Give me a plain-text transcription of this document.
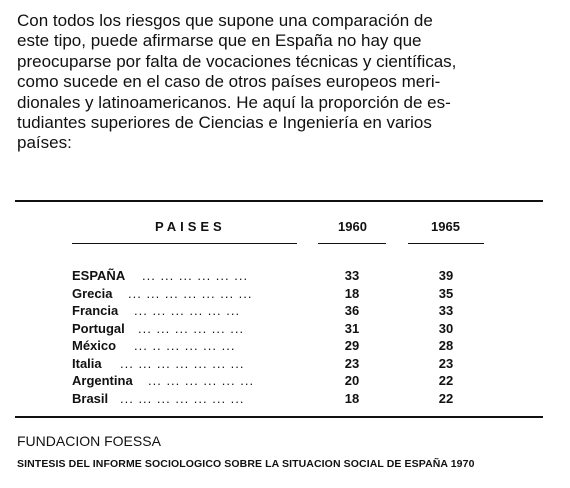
Con todos los riesgos que supone una comparación de
este tipo, puede afirmarse que en España no hay que
preocuparse por falta de vocaciones técnicas y científicas,
como sucede en el caso de otros países europeos meri-
dionales y latinoamericanos. He aquí la proporción de es-
tudiantes superiores de Ciencias e Ingeniería en varios
países:
PAISES	1960	1965
ESPAÑA ... ... ... ... ... ...	33	39
Grecia ... ... ... ... ... ... ...	18	35
Francia ... ... ... ... ... ...	36	33
Portugal ... ... ... ... ... ...	31	30
México ... .. ... ... ... ...	29	28
Italia ... ... ... ... ... ... ...	23	23
Argentina ... ... ... ... ... ...	20	22
Brasil ... ... ... ... ... ... ...	18	22
FUNDACION FOESSA
SINTESIS DEL INFORME SOCIOLOGICO SOBRE LA SITUACION SOCIAL DE ESPAÑA 1970
